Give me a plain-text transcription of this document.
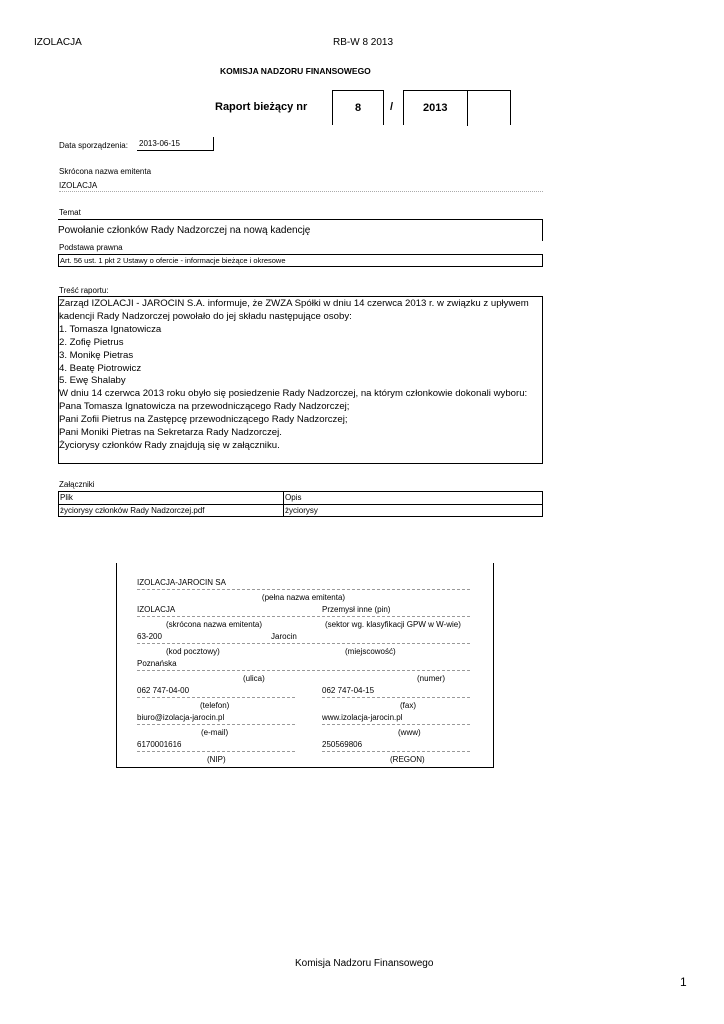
IZOLACJA	RB-W 8 2013
KOMISJA NADZORU FINANSOWEGO
Raport bieżący nr	8	/	2013
Data sporządzenia: 2013-06-15
Skrócona nazwa emitenta
IZOLACJA
Temat
Powołanie członków Rady Nadzorczej na nową kadencję
Podstawa prawna
Art. 56 ust. 1 pkt 2 Ustawy o ofercie - informacje bieżące i okresowe
Treść raportu:
Zarząd IZOLACJI - JAROCIN S.A. informuje, że ZWZA Spółki w dniu 14 czerwca 2013 r. w związku z upływem
kadencji Rady Nadzorczej powołało do jej składu następujące osoby:
1. Tomasza Ignatowicza
2. Zofię Pietrus
3. Monikę Pietras
4. Beatę Piotrowicz
5. Ewę Shalaby
W dniu 14 czerwca 2013 roku obyło się posiedzenie Rady Nadzorczej, na którym członkowie dokonali wyboru:
Pana Tomasza Ignatowicza na przewodniczącego Rady Nadzorczej;
Pani Zofii Pietrus na Zastępcę przewodniczącego Rady Nadzorczej;
Pani Moniki Pietras na Sekretarza Rady Nadzorczej.
Życiorysy członków Rady znajdują się w załączniku.
Załączniki
Plik	Opis
życiorysy członków Rady Nadzorczej.pdf	życiorysy
IZOLACJA-JAROCIN SA
(pełna nazwa emitenta)
IZOLACJA	Przemysł inne (pin)
(skrócona nazwa emitenta)	(sektor wg. klasyfikacji GPW w W-wie)
63-200	Jarocin
(kod pocztowy)	(miejscowość)
Poznańska
(ulica)	(numer)
062 747-04-00	062 747-04-15
(telefon)	(fax)
biuro@izolacja-jarocin.pl	www.izolacja-jarocin.pl
(e-mail)	(www)
6170001616	250569806
(NIP)	(REGON)
Komisja Nadzoru Finansowego
1
